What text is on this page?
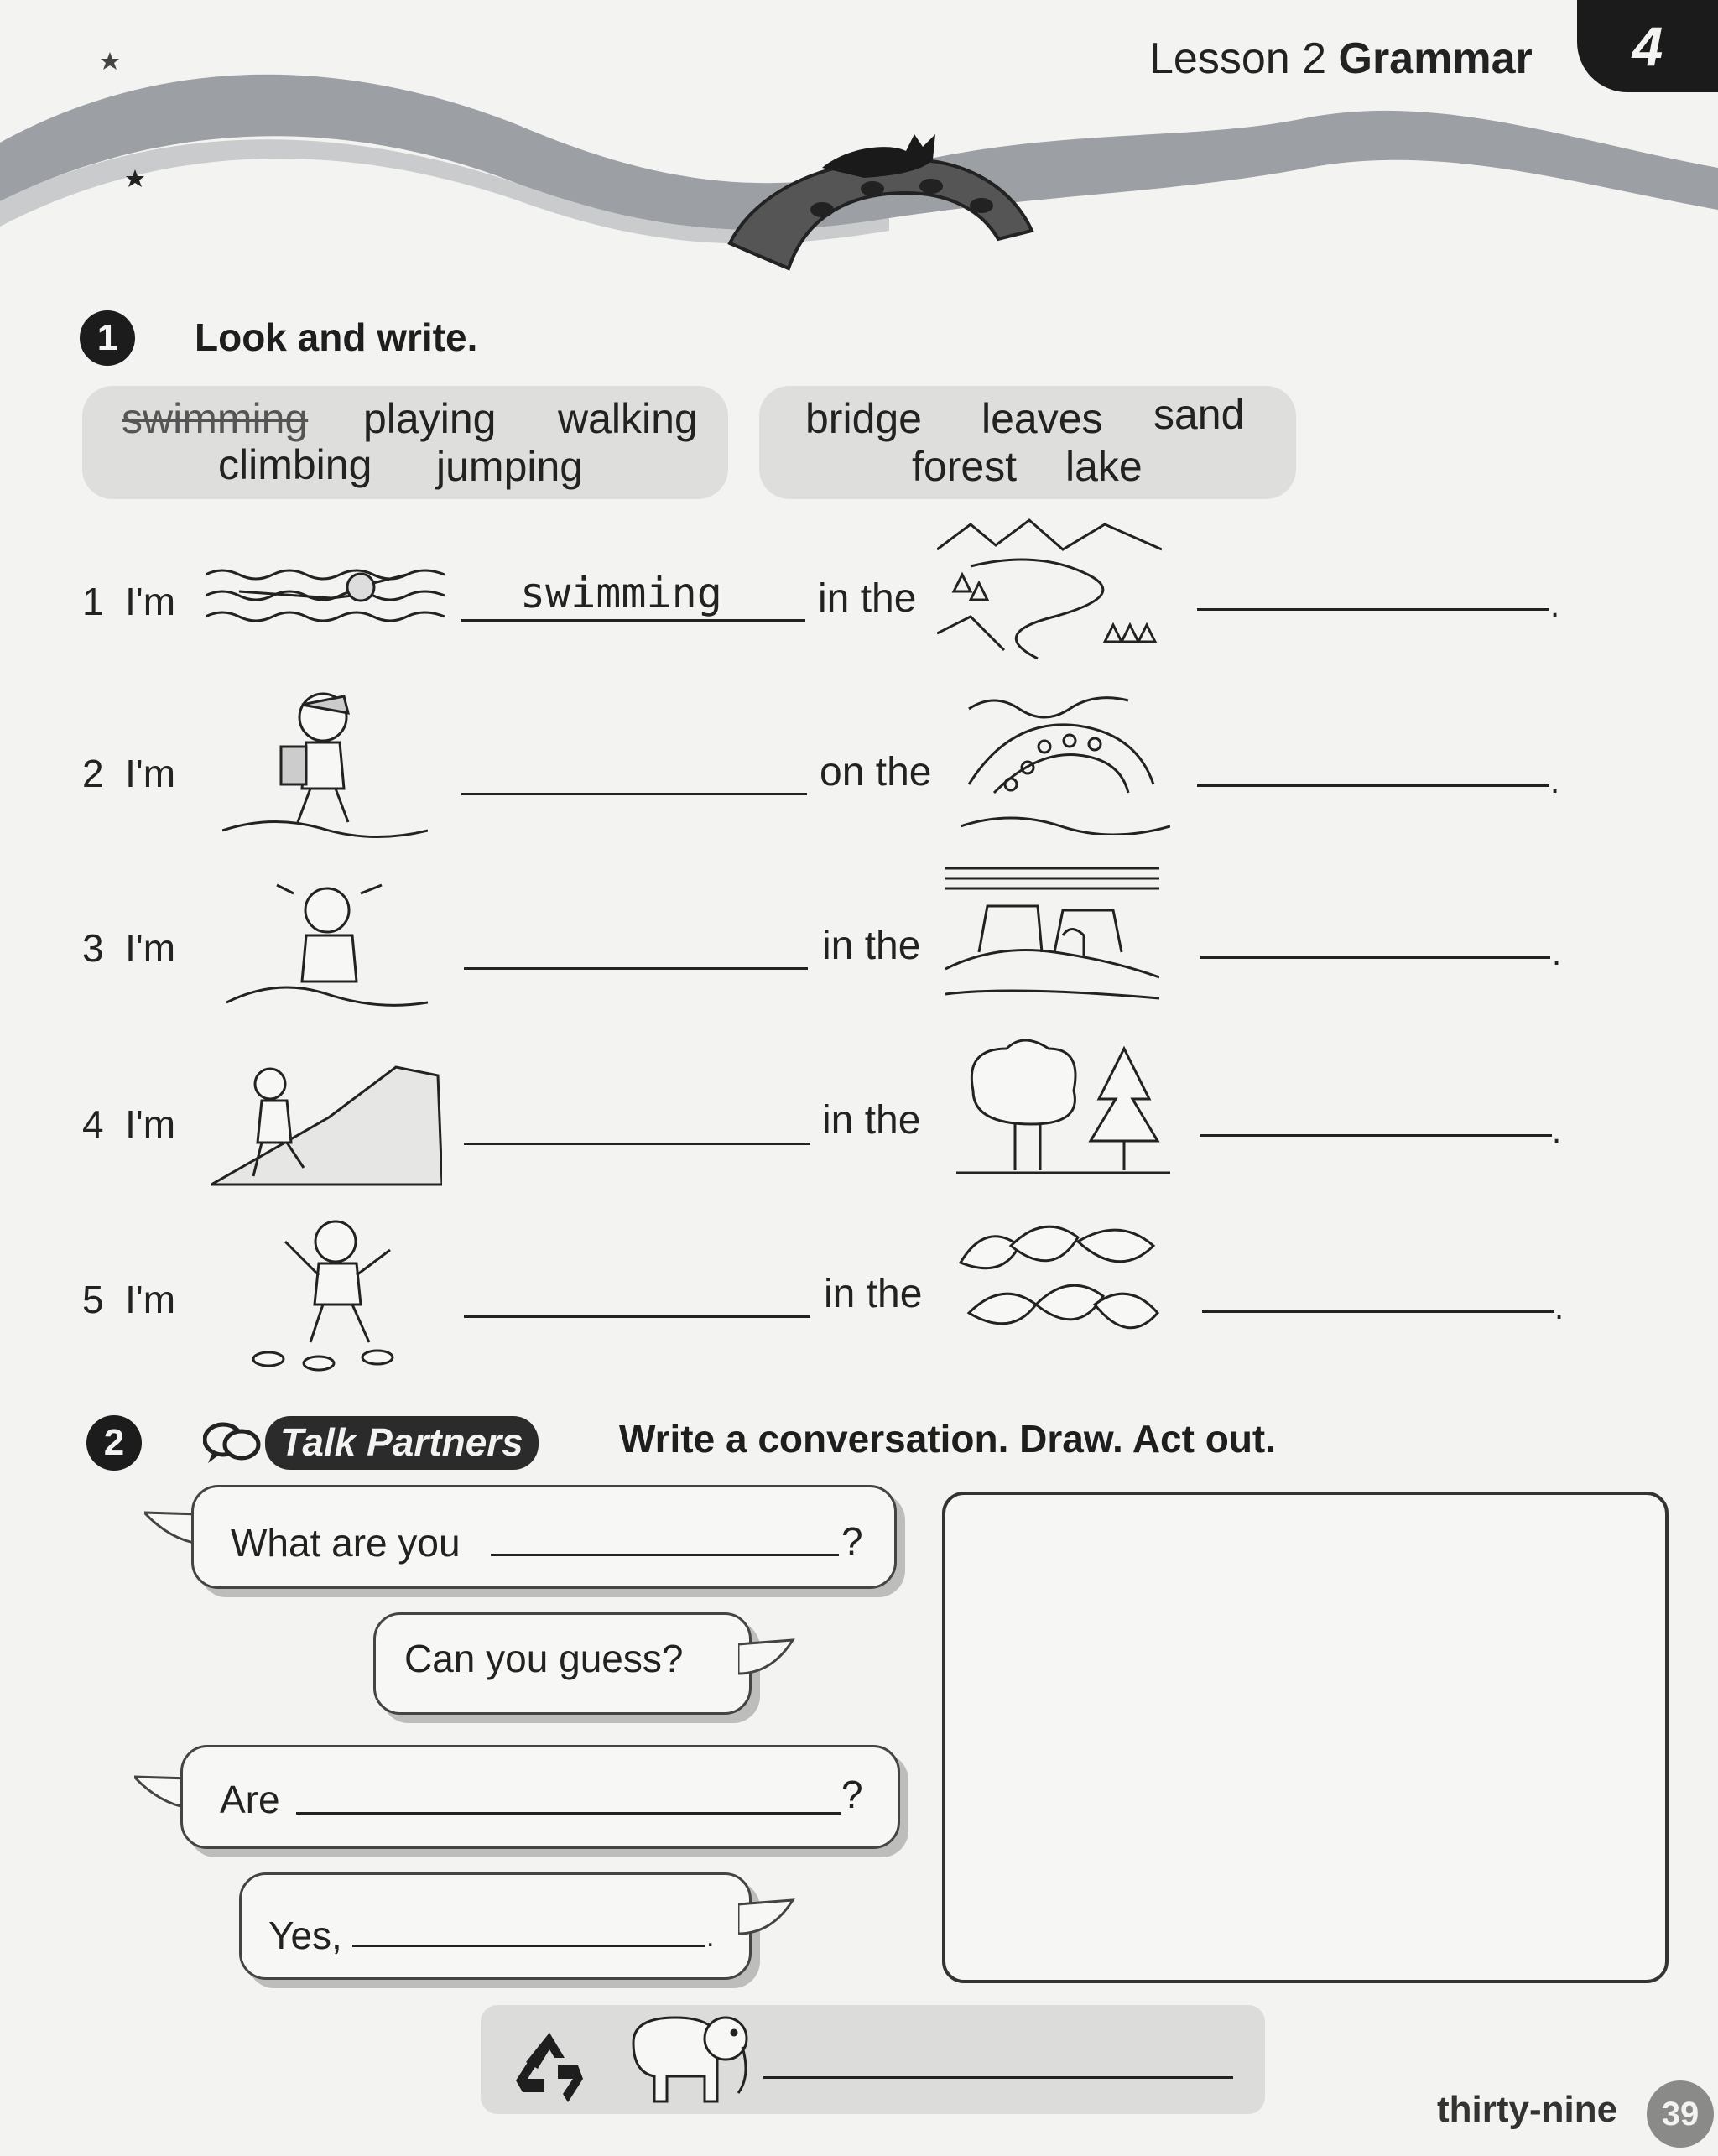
Lesson 2 Grammar	4
1	Look and write.
swimming playing walking
climbing jumping
bridge leaves sand
forest lake
1 I'm	swimming in the	.
2 I'm	on the	.
3 I'm	in the	.
4 I'm	in the	.
5 I'm	in the	.
2	Talk Partners	Write a conversation. Draw. Act out.
What are you	?
Can you guess?
Are	?
Yes,	.
thirty-nine	39
